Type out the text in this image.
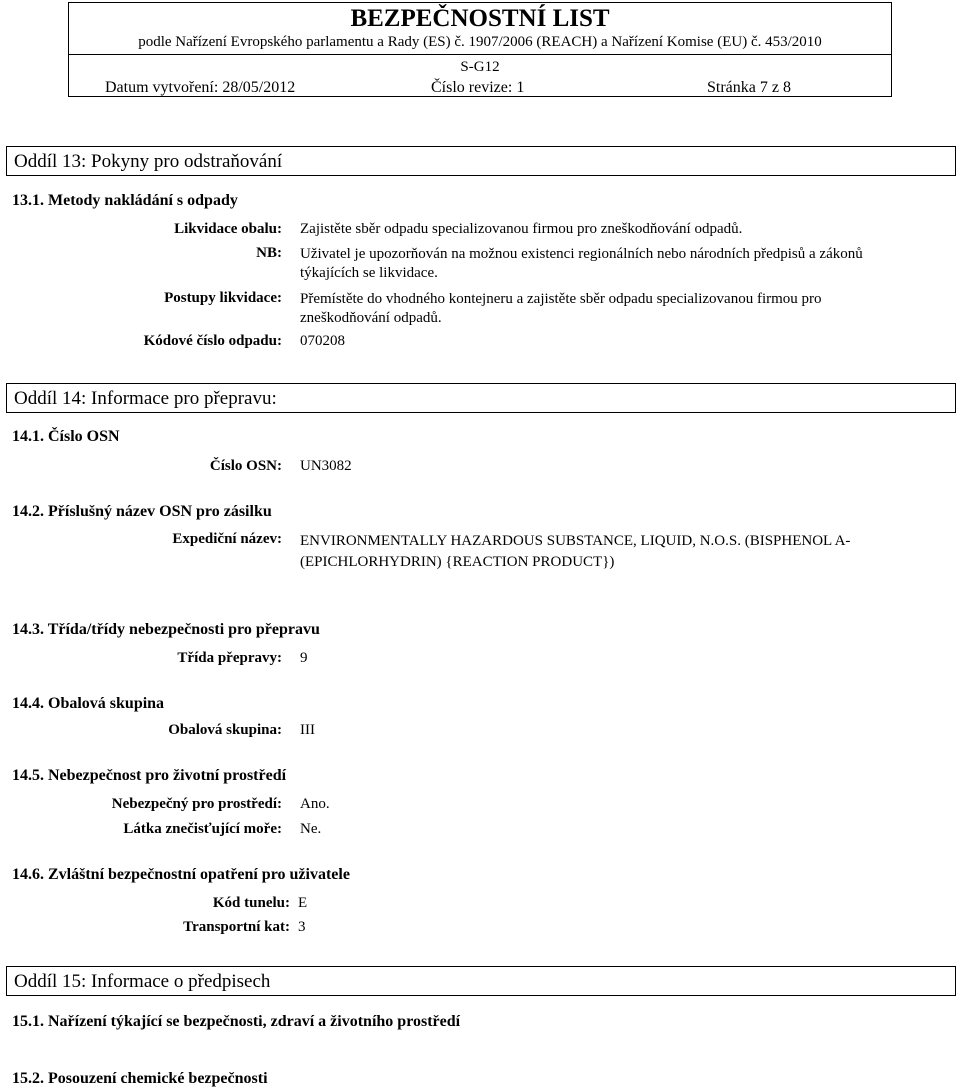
BEZPEČNOSTNÍ LIST
podle Nařízení Evropského parlamentu a Rady (ES) č. 1907/2006 (REACH) a Nařízení Komise (EU) č. 453/2010
S-G12
Datum vytvoření: 28/05/2012	Číslo revize: 1	Stránka 7 z 8
Oddíl 13: Pokyny pro odstraňování
13.1. Metody nakládání s odpady
Likvidace obalu: Zajistěte sběr odpadu specializovanou firmou pro zneškodňování odpadů.
NB: Uživatel je upozorňován na možnou existenci regionálních nebo národních předpisů a zákonů týkajících se likvidace.
Postupy likvidace: Přemístěte do vhodného kontejneru a zajistěte sběr odpadu specializovanou firmou pro zneškodňování odpadů.
Kódové číslo odpadu: 070208
Oddíl 14: Informace pro přepravu:
14.1. Číslo OSN
Číslo OSN: UN3082
14.2. Příslušný název OSN pro zásilku
Expediční název: ENVIRONMENTALLY HAZARDOUS SUBSTANCE, LIQUID, N.O.S. (BISPHENOL A-(EPICHLORHYDRIN) {REACTION PRODUCT})
14.3. Třída/třídy nebezpečnosti pro přepravu
Třída přepravy: 9
14.4. Obalová skupina
Obalová skupina: III
14.5. Nebezpečnost pro životní prostředí
Nebezpečný pro prostředí: Ano.
Látka znečisťující moře: Ne.
14.6. Zvláštní bezpečnostní opatření pro uživatele
Kód tunelu: E
Transportní kat: 3
Oddíl 15: Informace o předpisech
15.1. Nařízení týkající se bezpečnosti, zdraví a životního prostředí
15.2. Posouzení chemické bezpečnosti
